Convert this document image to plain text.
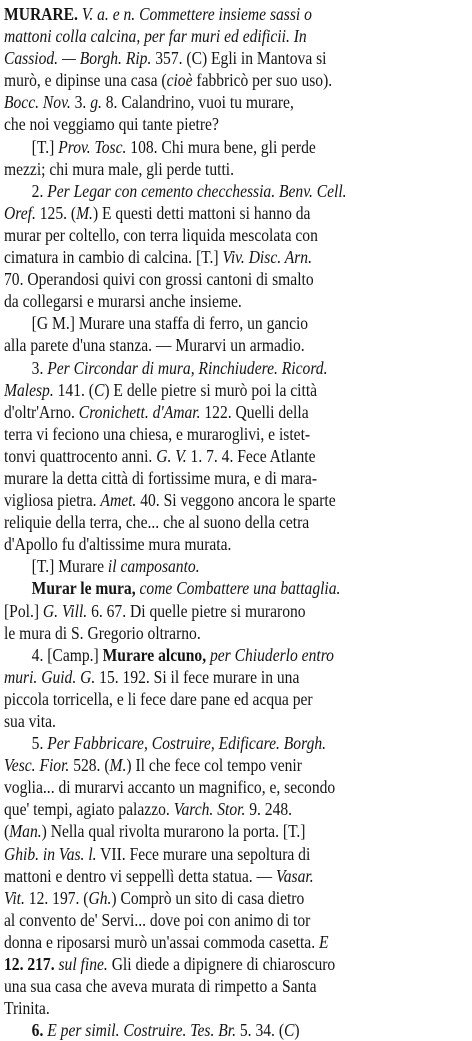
MURARE. V. a. e n. Commettere insieme sassi o
mattoni colla calcina, per far muri ed edificii. In
Cassiod. — Borgh. Rip. 357. (C) Egli in Mantova si
murò, e dipinse una casa (cioè fabbricò per suo uso).
Bocc. Nov. 3. g. 8. Calandrino, vuoi tu murare,
che noi veggiamo qui tante pietre?
[T.] Prov. Tosc. 108. Chi mura bene, gli perde
mezzi; chi mura male, gli perde tutti.
2. Per Legar con cemento checchessia. Benv. Cell.
Oref. 125. (M.) E questi detti mattoni si hanno da
murar per coltello, con terra liquida mescolata con
cimatura in cambio di calcina. [T.] Viv. Disc. Arn.
70. Operandosi quivi con grossi cantoni di smalto
da collegarsi e murarsi anche insieme.
[G M.] Murare una staffa di ferro, un gancio
alla parete d'una stanza. — Murarvi un armadio.
3. Per Circondar di mura, Rinchiudere. Ricord.
Malesp. 141. (C) E delle pietre si murò poi la città
d'oltr'Arno. Cronichett. d'Amar. 122. Quelli della
terra vi feciono una chiesa, e muraroglivi, e istet-
tonvi quattrocento anni. G. V. 1. 7. 4. Fece Atlante
murare la detta città di fortissime mura, e di mara-
vigliosa pietra. Amet. 40. Si veggono ancora le sparte
reliquie della terra, che... che al suono della cetra
d'Apollo fu d'altissime mura murata.
[T.] Murare il camposanto.
Murar le mura, come Combattere una battaglia.
[Pol.] G. Vill. 6. 67. Di quelle pietre si murarono
le mura di S. Gregorio oltrarno.
4. [Camp.] Murare alcuno, per Chiuderlo entro
muri. Guid. G. 15. 192. Si il fece murare in una
piccola torricella, e li fece dare pane ed acqua per
sua vita.
5. Per Fabbricare, Costruire, Edificare. Borgh.
Vesc. Fior. 528. (M.) Il che fece col tempo venir
voglia... di murarvi accanto un magnifico, e, secondo
que' tempi, agiato palazzo. Varch. Stor. 9. 248.
(Man.) Nella qual rivolta murarono la porta. [T.]
Ghib. in Vas. l. VII. Fece murare una sepoltura di
mattoni e dentro vi seppellì detta statua. — Vasar.
Vit. 12. 197. (Gh.) Comprò un sito di casa dietro
al convento de' Servi... dove poi con animo di tor
donna e riposarsi murò un'assai commoda casetta. E
12. 217. sul fine. Gli diede a dipignere di chiaroscuro
una sua casa che aveva murata di rimpetto a Santa
Trinita.
6. E per simil. Costruire. Tes. Br. 5. 34. (C)
